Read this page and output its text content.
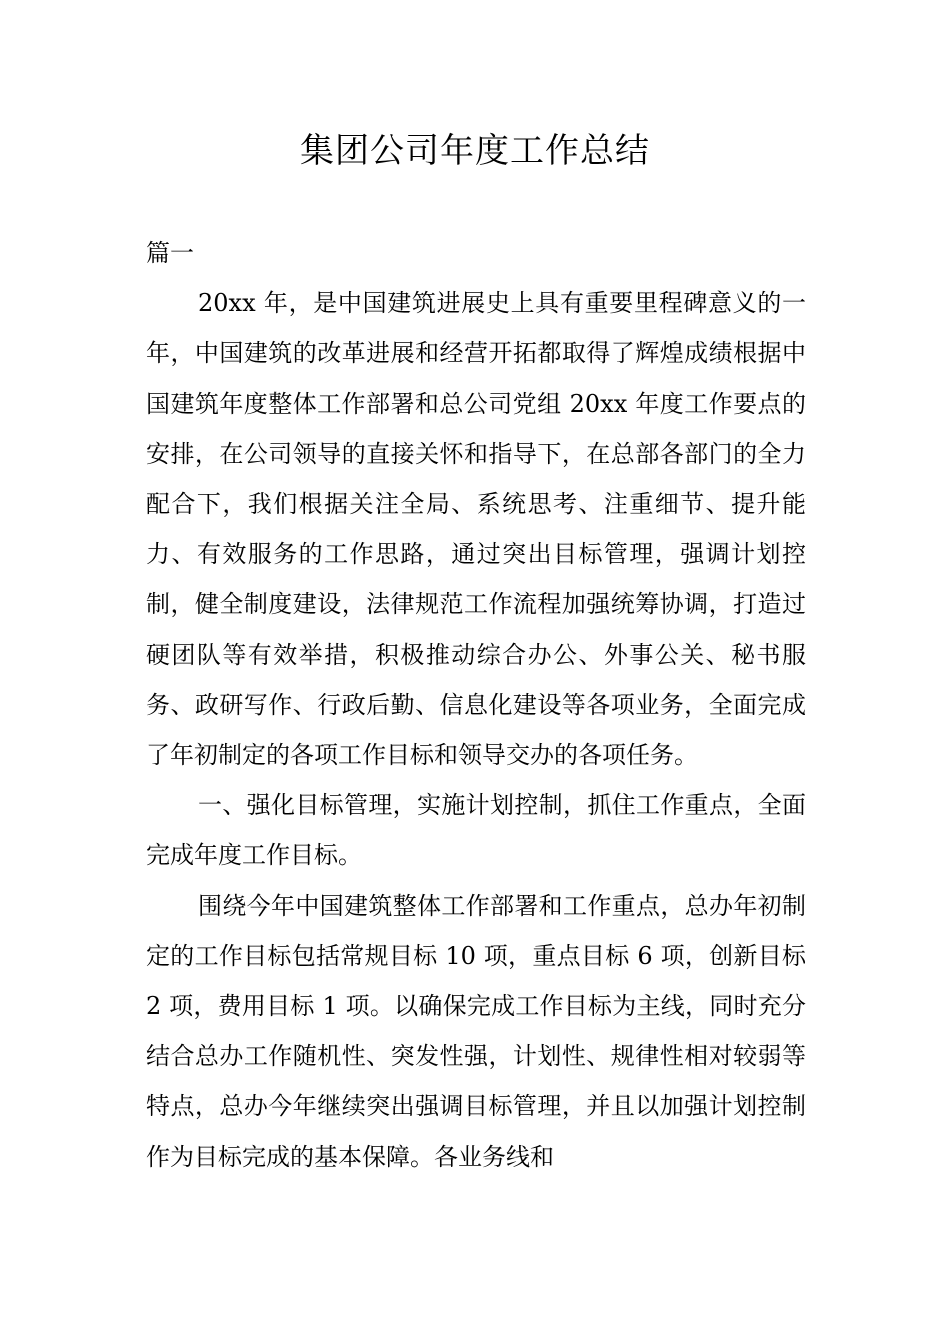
集团公司年度工作总结

篇一

20xx 年，是中国建筑进展史上具有重要里程碑意义的一年，中国建筑的改革进展和经营开拓都取得了辉煌成绩根据中国建筑年度整体工作部署和总公司党组 20xx 年度工作要点的安排，在公司领导的直接关怀和指导下，在总部各部门的全力配合下，我们根据关注全局、系统思考、注重细节、提升能力、有效服务的工作思路，通过突出目标管理，强调计划控制，健全制度建设，法律规范工作流程加强统筹协调，打造过硬团队等有效举措，积极推动综合办公、外事公关、秘书服务、政研写作、行政后勤、信息化建设等各项业务，全面完成了年初制定的各项工作目标和领导交办的各项任务。

一、强化目标管理，实施计划控制，抓住工作重点，全面完成年度工作目标。

围绕今年中国建筑整体工作部署和工作重点，总办年初制定的工作目标包括常规目标 10 项，重点目标 6 项，创新目标 2 项，费用目标 1 项。以确保完成工作目标为主线，同时充分结合总办工作随机性、突发性强，计划性、规律性相对较弱等特点，总办今年继续突出强调目标管理，并且以加强计划控制作为目标完成的基本保障。各业务线和
